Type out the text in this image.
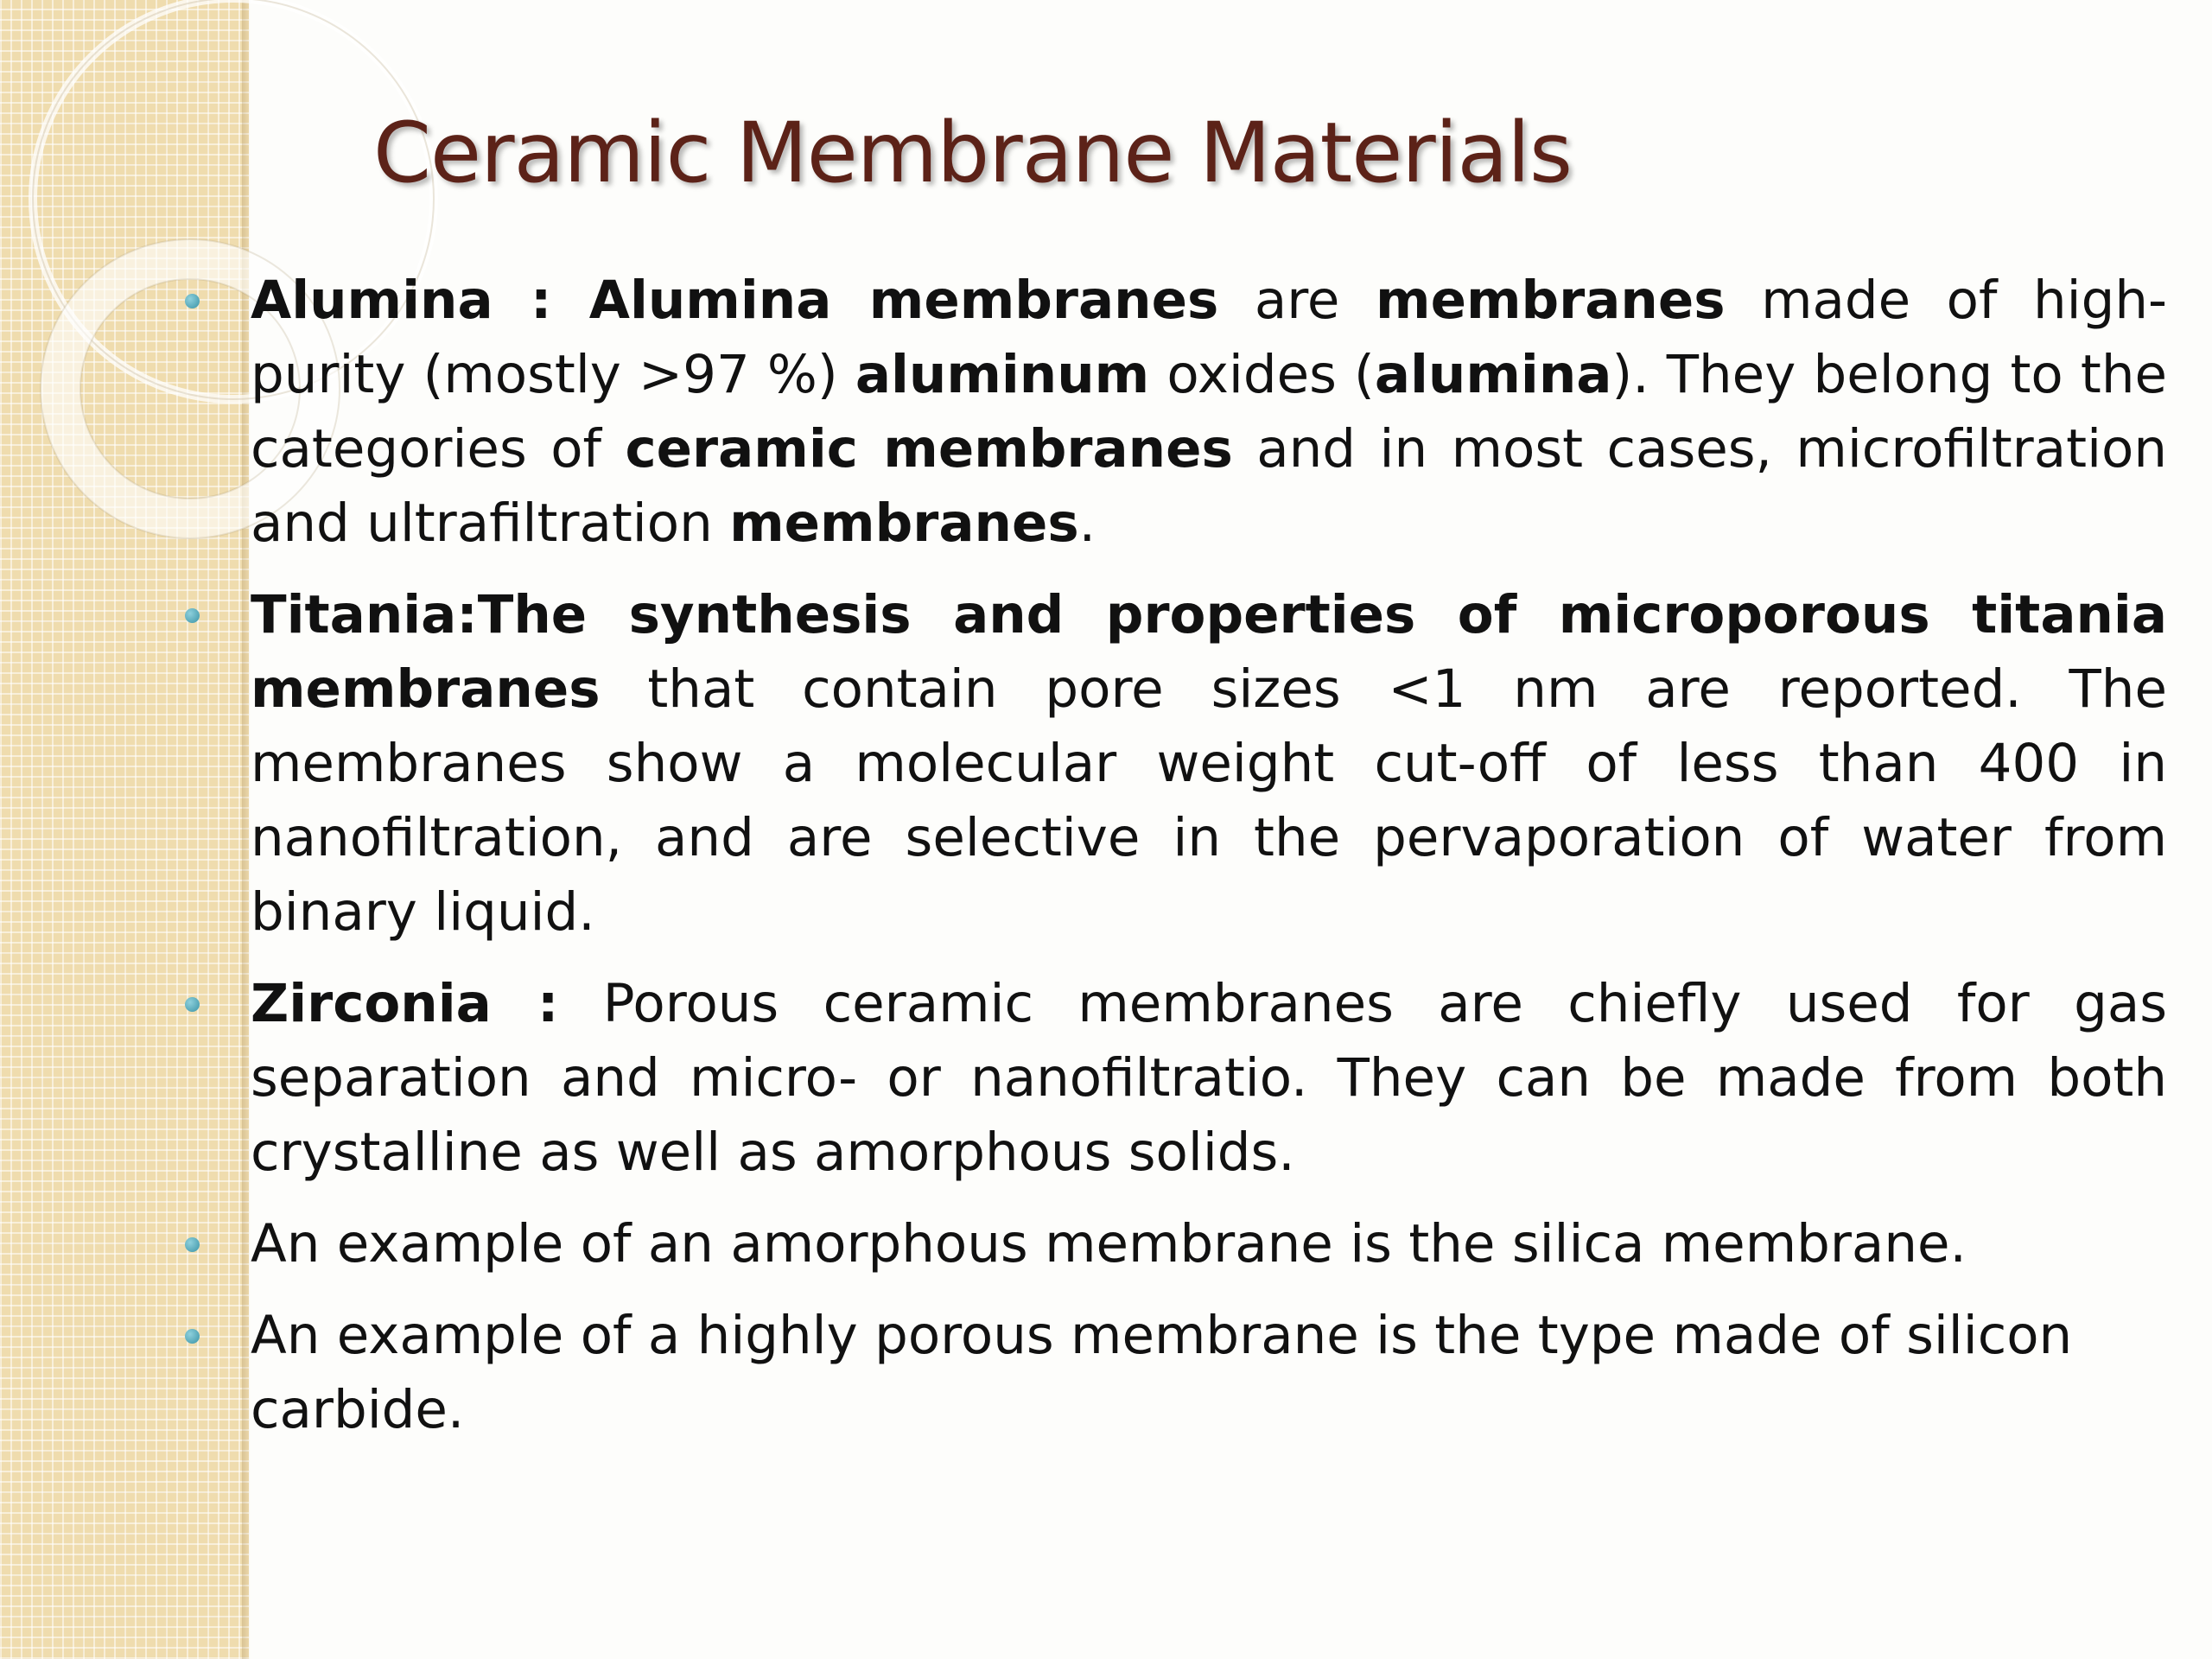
Ceramic Membrane Materials
Alumina : Alumina membranes are membranes made of high-purity (mostly >97 %) aluminum oxides (alumina). They belong to the categories of ceramic membranes and in most cases, microfiltration and ultrafiltration membranes.
Titania:The synthesis and properties of microporous titania membranes that contain pore sizes <1 nm are reported. The membranes show a molecular weight cut-off of less than 400 in nanofiltration, and are selective in the pervaporation of water from binary liquid.
Zirconia : Porous ceramic membranes are chiefly used for gas separation and micro- or nanofiltratio. They can be made from both crystalline as well as amorphous solids.
An example of an amorphous membrane is the silica membrane.
An example of a highly porous membrane is the type made of silicon carbide.
